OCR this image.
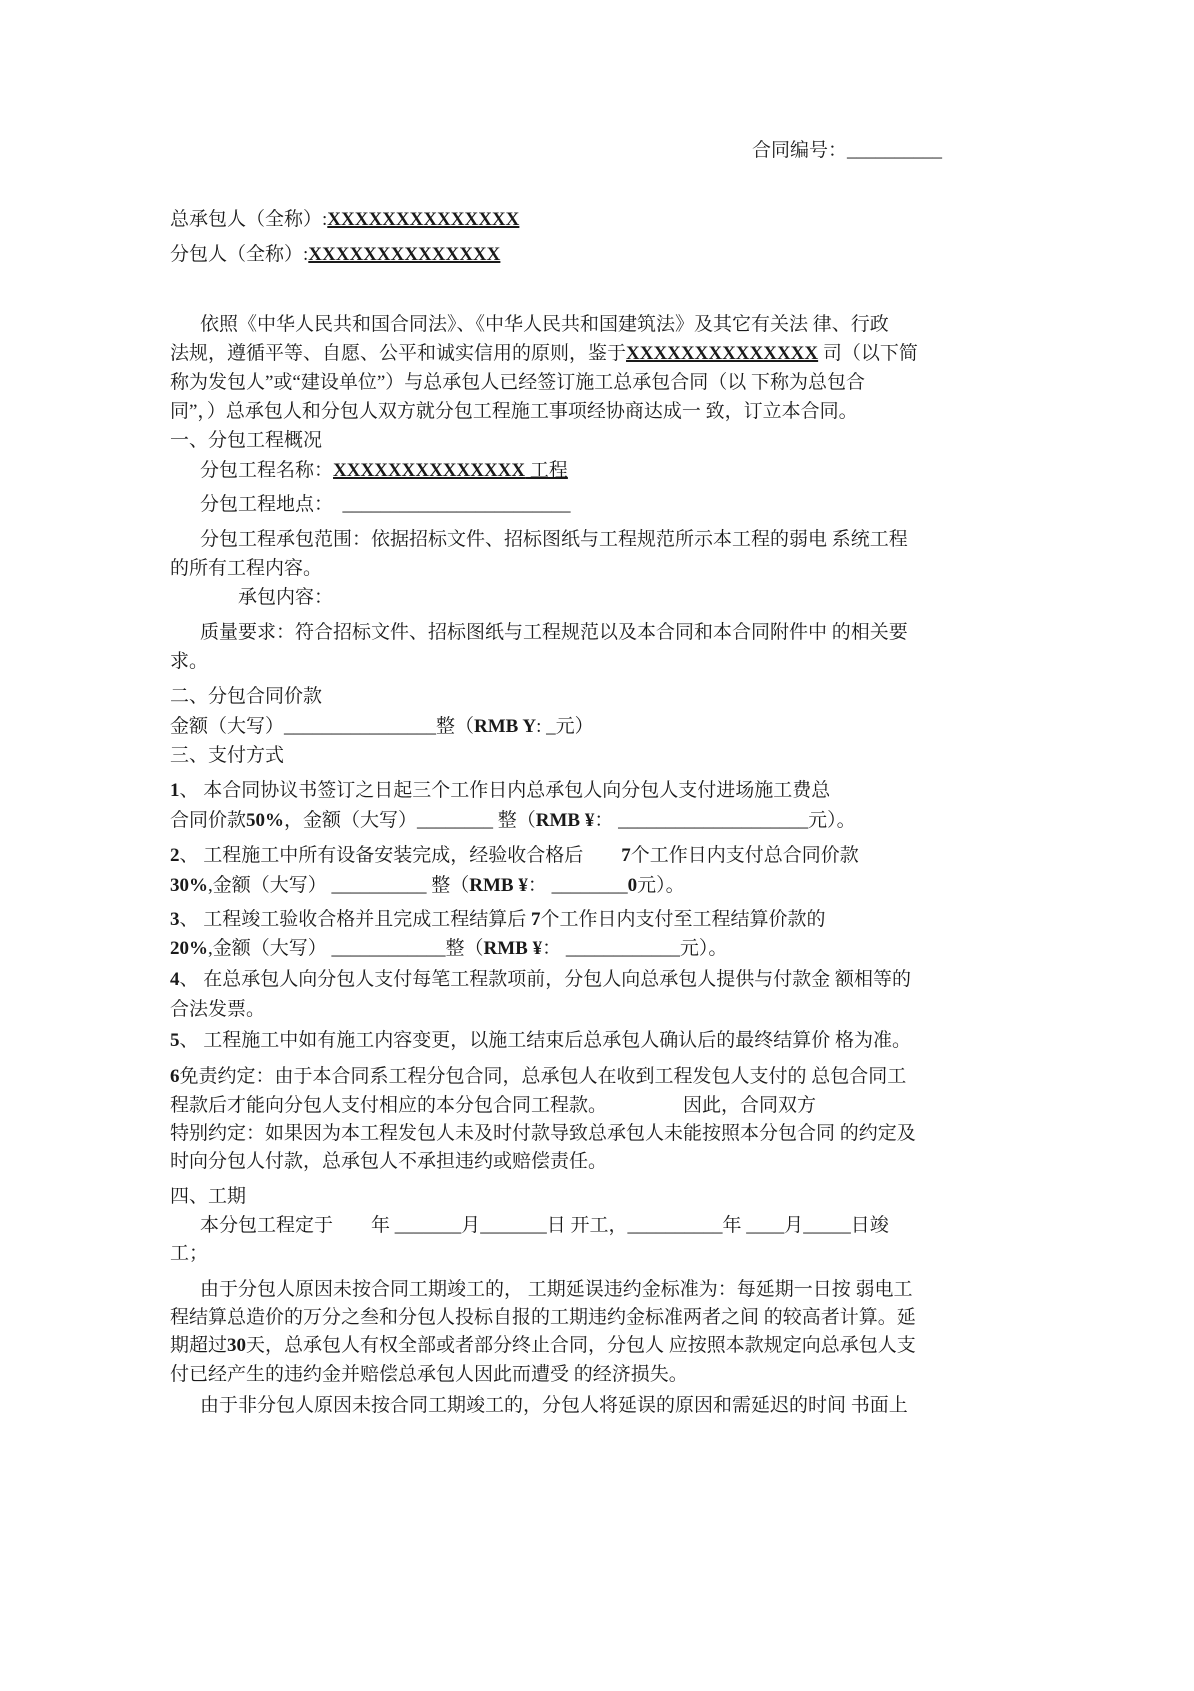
合同编号：__________
总承包人（全称）:XXXXXXXXXXXXXX
分包人（全称）:XXXXXXXXXXXXXX
依照《中华人民共和国合同法》、《中华人民共和国建筑法》及其它有关法 律、行政
法规，遵循平等、自愿、公平和诚实信用的原则，鉴于XXXXXXXXXXXXXX 司（以下简
称为发包人”或“建设单位”）与总承包人已经签订施工总承包合同（以 下称为总包合
同”，）总承包人和分包人双方就分包工程施工事项经协商达成一 致，订立本合同。
一、分包工程概况
分包工程名称：XXXXXXXXXXXXXX 工程
分包工程地点：  ________________________
分包工程承包范围：依据招标文件、招标图纸与工程规范所示本工程的弱电 系统工程
的所有工程内容。
承包内容：
质量要求：符合招标文件、招标图纸与工程规范以及本合同和本合同附件中 的相关要
求。
二、分包合同价款
金额（大写）________________整（RMB Y: _元）
三、支付方式
1、 本合同协议书签订之日起三个工作日内总承包人向分包人支付进场施工费总
合同价款50%，金额（大写）________ 整（RMB ¥： ____________________元）。
2、 工程施工中所有设备安装完成，经验收合格后        7个工作日内支付总合同价款
30%,金额（大写） __________ 整（RMB ¥： ________0元）。
3、 工程竣工验收合格并且完成工程结算后 7个工作日内支付至工程结算价款的
20%,金额（大写） ____________整（RMB ¥： ____________元）。
4、 在总承包人向分包人支付每笔工程款项前，分包人向总承包人提供与付款金 额相等的
合法发票。
5、 工程施工中如有施工内容变更，以施工结束后总承包人确认后的最终结算价 格为准。
6免责约定：由于本合同系工程分包合同，总承包人在收到工程发包人支付的 总包合同工
程款后才能向分包人支付相应的本分包合同工程款。                因此，合同双方
特别约定：如果因为本工程发包人未及时付款导致总承包人未能按照本分包合同 的约定及
时向分包人付款，总承包人不承担违约或赔偿责任。
四、工期
本分包工程定于        年 _______月_______日 开工，__________年 ____月_____日竣
工；
由于分包人原因未按合同工期竣工的， 工期延误违约金标准为：每延期一日按 弱电工
程结算总造价的万分之叁和分包人投标自报的工期违约金标准两者之间 的较高者计算。延
期超过30天，总承包人有权全部或者部分终止合同，分包人 应按照本款规定向总承包人支
付已经产生的违约金并赔偿总承包人因此而遭受 的经济损失。
由于非分包人原因未按合同工期竣工的，分包人将延误的原因和需延迟的时间 书面上
